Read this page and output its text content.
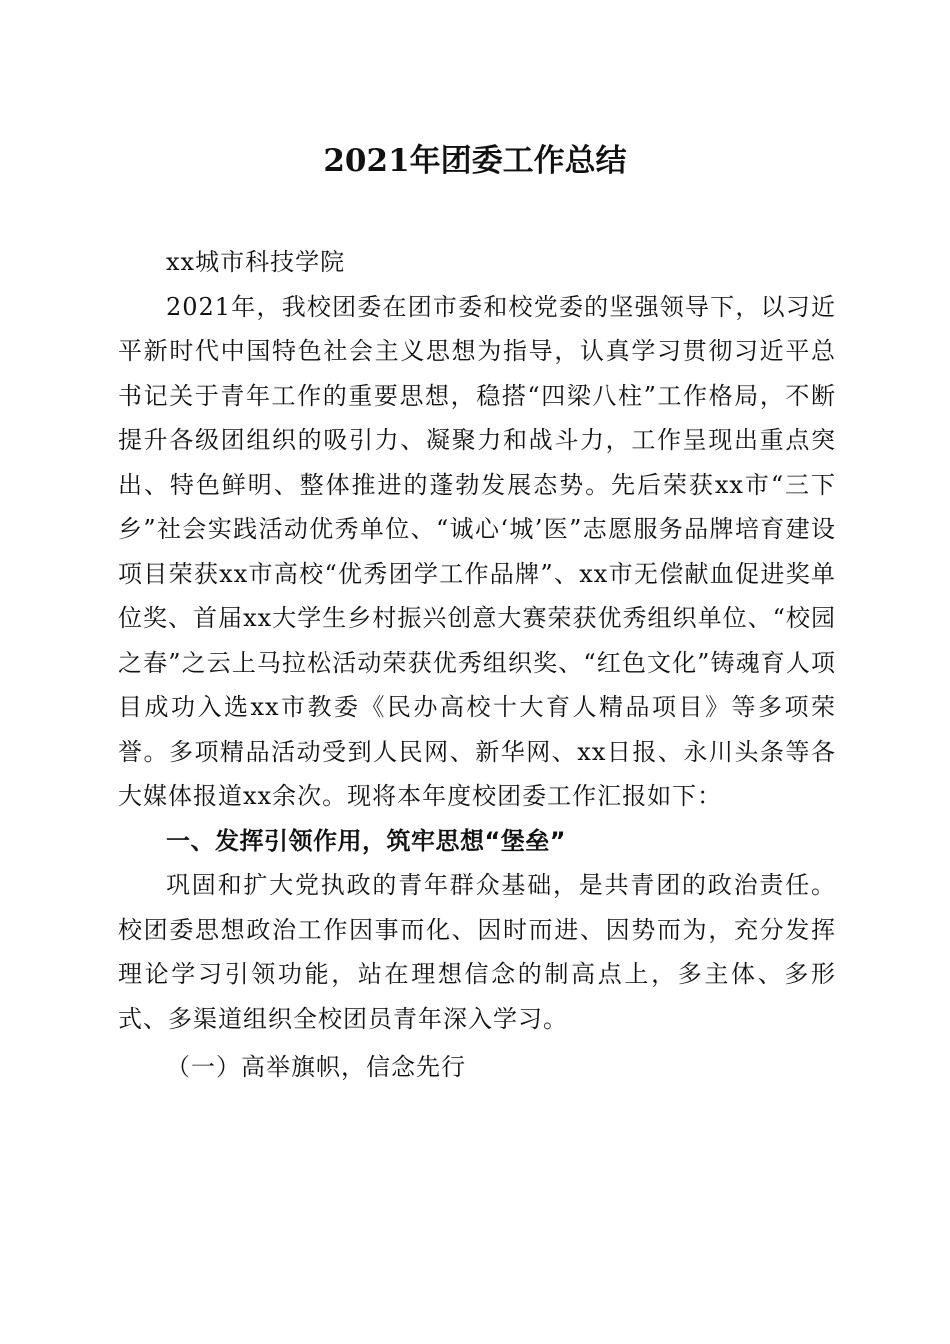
2021年团委工作总结

xx城市科技学院

2021年，我校团委在团市委和校党委的坚强领导下，以习近平新时代中国特色社会主义思想为指导，认真学习贯彻习近平总书记关于青年工作的重要思想，稳搭“四梁八柱”工作格局，不断提升各级团组织的吸引力、凝聚力和战斗力，工作呈现出重点突出、特色鲜明、整体推进的蓬勃发展态势。先后荣获xx市“三下乡”社会实践活动优秀单位、“诚心‘城’医”志愿服务品牌培育建设项目荣获xx市高校“优秀团学工作品牌”、xx市无偿献血促进奖单位奖、首届xx大学生乡村振兴创意大赛荣获优秀组织单位、“校园之春”之云上马拉松活动荣获优秀组织奖、“红色文化”铸魂育人项目成功入选xx市教委《民办高校十大育人精品项目》等多项荣誉。多项精品活动受到人民网、新华网、xx日报、永川头条等各大媒体报道xx余次。现将本年度校团委工作汇报如下：

一、发挥引领作用，筑牢思想“堡垒”

巩固和扩大党执政的青年群众基础，是共青团的政治责任。校团委思想政治工作因事而化、因时而进、因势而为，充分发挥理论学习引领功能，站在理想信念的制高点上，多主体、多形式、多渠道组织全校团员青年深入学习。

（一）高举旗帜，信念先行
